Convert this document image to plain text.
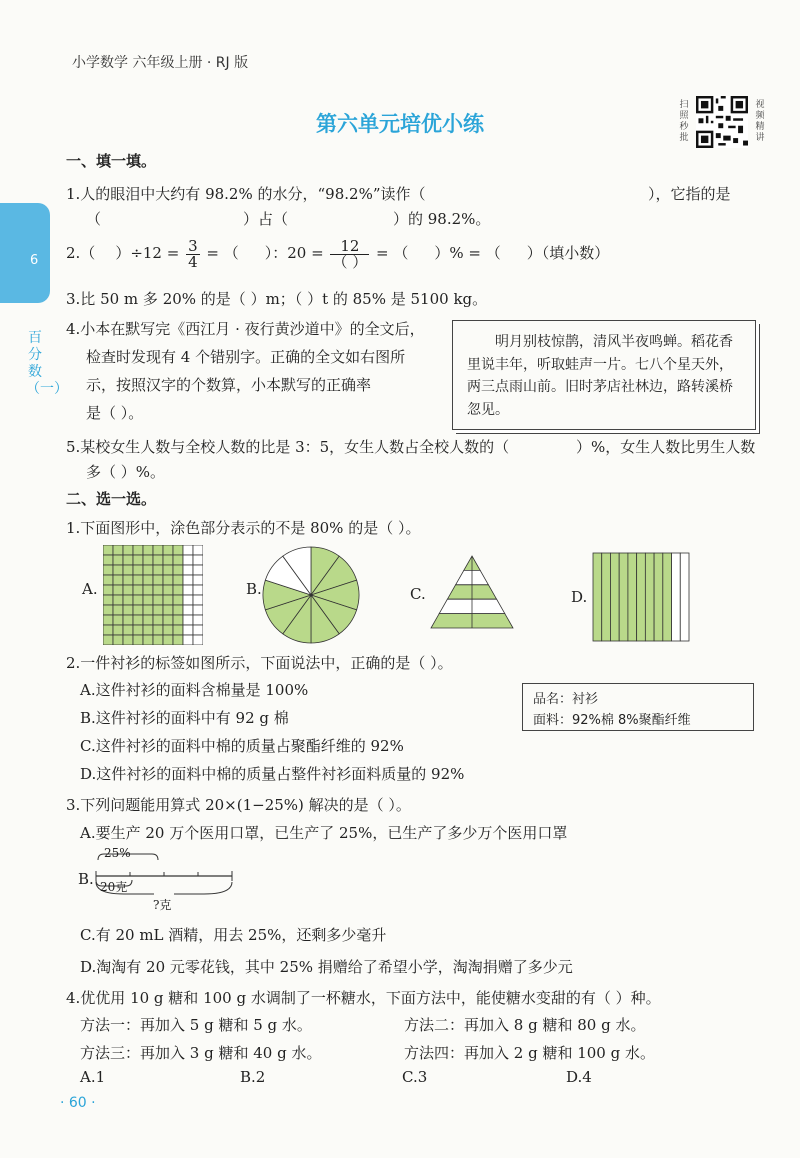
小学数学 六年级上册 · RJ 版
第六单元培优小练
扫照秒批
视频精讲
6
百分数（一）
一、填一填。
1.人的眼泪中大约有 98.2% 的水分，“98.2%”读作（	），它指的是
（	）占（	）的 98.2%。
2.（ ）$\div 12 = \frac{3}{4}$ = （ ）：$20 = \frac{12}{( )}$ = （ ）% = （ ）（填小数）
3.比 50 m 多 20% 的是（ ）m；（ ）t 的 85% 是 5100 kg。
4.小本在默写完《西江月 · 夜行黄沙道中》的全文后，
检查时发现有 4 个错别字。正确的全文如右图所
示，按照汉字的个数算，小本默写的正确率
是（ ）。
明月别枝惊鹊，清风半夜鸣蝉。稻花香里说丰年，听取蛙声一片。七八个星天外，两三点雨山前。旧时茅店社林边，路转溪桥忽见。
5.某校女生人数与全校人数的比是 3：5，女生人数占全校人数的（	）%，女生人数比男生人数
多（ ）%。
二、选一选。
1.下面图形中，涂色部分表示的不是 80% 的是（ ）。
A.	B.	C.	D.
2.一件衬衫的标签如图所示，下面说法中，正确的是（ ）。
A.这件衬衫的面料含棉量是 100%
B.这件衬衫的面料中有 92 g 棉
C.这件衬衫的面料中棉的质量占聚酯纤维的 92%
D.这件衬衫的面料中棉的质量占整件衬衫面料质量的 92%
品名：衬衫
面料：92%棉 8%聚酯纤维
3.下列问题能用算式 20×(1−25%) 解决的是（ ）。
A.要生产 20 万个医用口罩，已生产了 25%，已生产了多少万个医用口罩
B.
25%
20克
?克
C.有 20 mL 酒精，用去 25%，还剩多少毫升
D.淘淘有 20 元零花钱，其中 25% 捐赠给了希望小学，淘淘捐赠了多少元
4.优优用 10 g 糖和 100 g 水调制了一杯糖水，下面方法中，能使糖水变甜的有（ ）种。
方法一：再加入 5 g 糖和 5 g 水。	方法二：再加入 8 g 糖和 80 g 水。
方法三：再加入 3 g 糖和 40 g 水。	方法四：再加入 2 g 糖和 100 g 水。
A.1	B.2	C.3	D.4
· 60 ·
